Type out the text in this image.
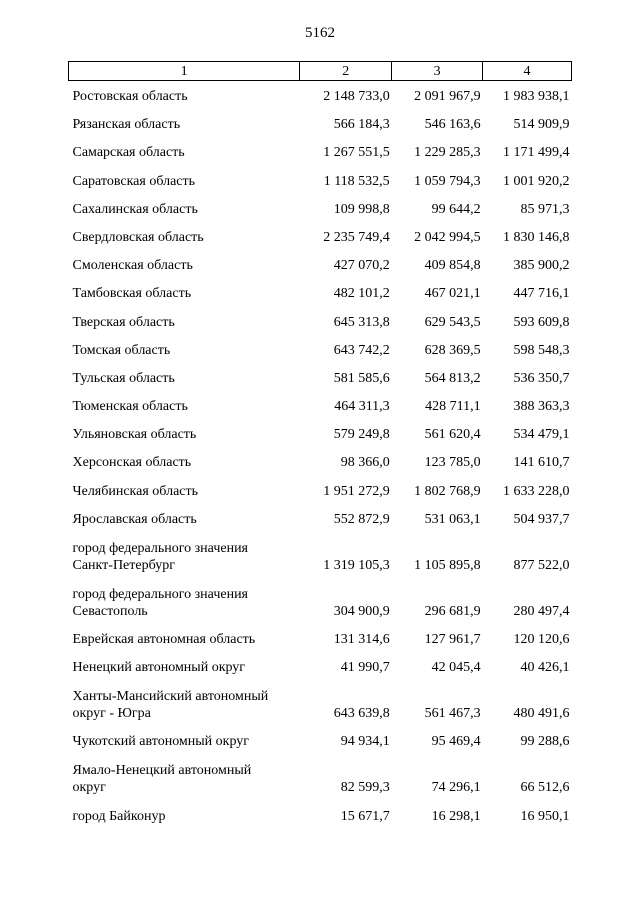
5162
1	2	3	4

Ростовская область	2 148 733,0	2 091 967,9	1 983 938,1

Рязанская область	566 184,3	546 163,6	514 909,9

Самарская область	1 267 551,5	1 229 285,3	1 171 499,4

Саратовская область	1 118 532,5	1 059 794,3	1 001 920,2

Сахалинская область	109 998,8	99 644,2	85 971,3

Свердловская область	2 235 749,4	2 042 994,5	1 830 146,8

Смоленская область	427 070,2	409 854,8	385 900,2

Тамбовская область	482 101,2	467 021,1	447 716,1

Тверская область	645 313,8	629 543,5	593 609,8

Томская область	643 742,2	628 369,5	598 548,3

Тульская область	581 585,6	564 813,2	536 350,7

Тюменская область	464 311,3	428 711,1	388 363,3

Ульяновская область	579 249,8	561 620,4	534 479,1

Херсонская область	98 366,0	123 785,0	141 610,7

Челябинская область	1 951 272,9	1 802 768,9	1 633 228,0

Ярославская область	552 872,9	531 063,1	504 937,7

город федерального значения
Санкт-Петербург	1 319 105,3	1 105 895,8	877 522,0

город федерального значения
Севастополь	304 900,9	296 681,9	280 497,4

Еврейская автономная область	131 314,6	127 961,7	120 120,6

Ненецкий автономный округ	41 990,7	42 045,4	40 426,1

Ханты-Мансийский автономный
округ - Югра	643 639,8	561 467,3	480 491,6

Чукотский автономный округ	94 934,1	95 469,4	99 288,6

Ямало-Ненецкий автономный
округ	82 599,3	74 296,1	66 512,6

город Байконур	15 671,7	16 298,1	16 950,1
